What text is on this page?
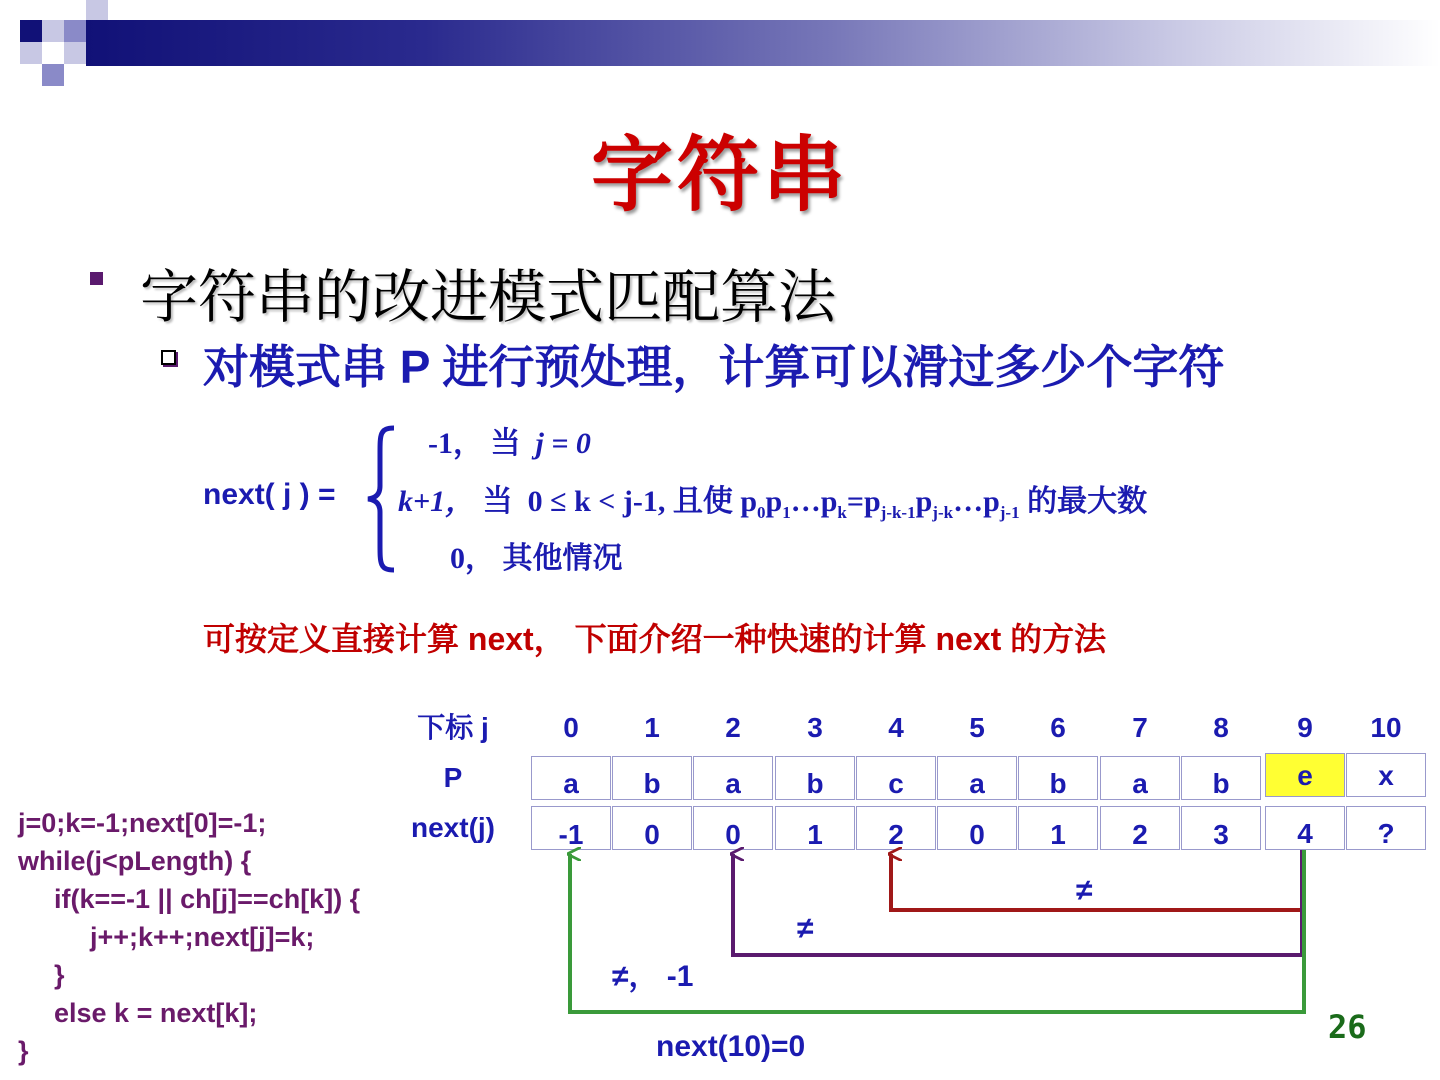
字符串
字符串的改进模式匹配算法
对模式串 P 进行预处理，计算可以滑过多少个字符
next( j ) =
-1， 当 j = 0
k+1， 当 0 ≤ k < j-1, 且使 $p_0p_1\dots p_k=p_{j-k-1}p_{j-k}\dots p_{j-1}$ 的最大数
0， 其他情况
可按定义直接计算 next， 下面介绍一种快速的计算 next 的方法
下标 j
P
next(j)
0
a
-1
1
b
0
2
a
0
3
b
1
4
c
2
5
a
0
6
b
1
7
a
2
8
b
3
9
e
4
10
x
?
j=0;k=-1;next[0]=-1;
while(j<pLength) {
if(k==-1 || ch[j]==ch[k]) {
j++;k++;next[j]=k;
}
else k = next[k];
}
≠
≠
≠， -1
next(10)=0
26
